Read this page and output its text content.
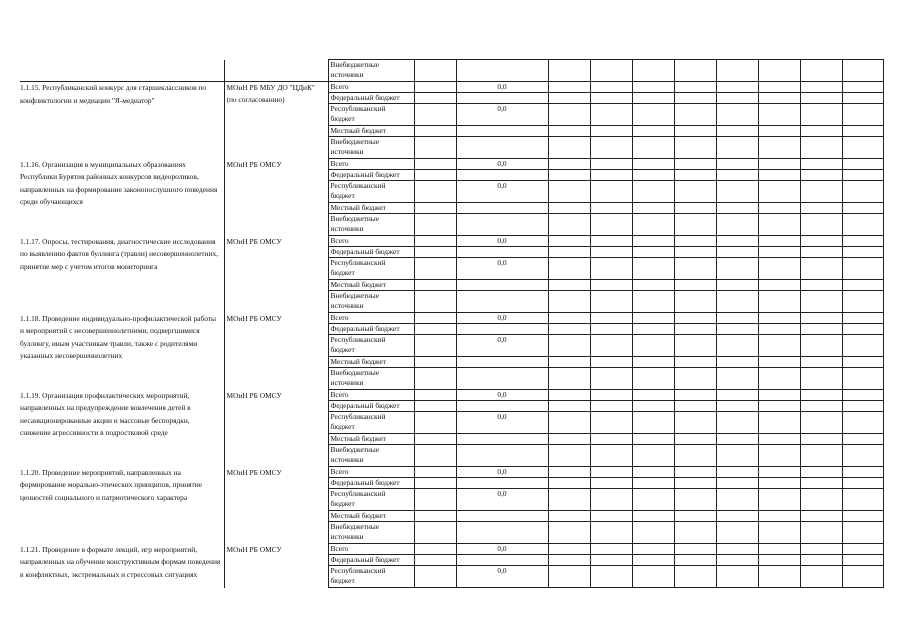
		Внебюджетные источники											
1.1.15. Республиканский конкурс для старшеклассников по конфликтологии и медиации "Я-медиатор"	МОиН РБ МБУ ДО "ЦДиК" (по согласованию)	Всего		0,0									
		Федеральный бюджет											
		Республиканский бюджет		0,0									
		Местный бюджет											
		Внебюджетные источники											
1.1.16. Организация в муниципальных образованиях Республики Бурятия районных конкурсов видеороликов, направленных на формирование законопослушного поведения среди обучающихся	МОиН РБ ОМСУ	Всего		0,0									
		Федеральный бюджет											
		Республиканский бюджет		0,0									
		Местный бюджет											
		Внебюджетные источники											
1.1.17. Опросы, тестирования, диагностические исследования по выявлению фактов буллинга (травли) несовершеннолетних, принятие мер с учетом итогов мониторинга	МОиН РБ ОМСУ	Всего		0,0									
		Федеральный бюджет											
		Республиканский бюджет		0,0									
		Местный бюджет											
		Внебюджетные источники											
1.1.18. Проведение индивидуально-профилактической работы и мероприятий с несовершеннолетними, подвергшимися буллингу, иным участникам травли, также с родителями указанных несовершеннолетних	МОиН РБ ОМСУ	Всего		0,0									
		Федеральный бюджет											
		Республиканский бюджет		0,0									
		Местный бюджет											
		Внебюджетные источники											
1.1.19. Организация профилактических мероприятий, направленных на предупреждение вовлечения детей в несанкционированные акции и массовые беспорядки, снижение агрессивности в подростковой среде	МОиН РБ ОМСУ	Всего		0,0									
		Федеральный бюджет											
		Республиканский бюджет		0,0									
		Местный бюджет											
		Внебюджетные источники											
1.1.20. Проведение мероприятий, направленных на формирование морально-этических принципов, принятие ценностей социального и патриотического характера	МОиН РБ ОМСУ	Всего		0,0									
		Федеральный бюджет											
		Республиканский бюджет		0,0									
		Местный бюджет											
		Внебюджетные источники											
1.1.21. Проведение в формате лекций, игр мероприятий, направленных на обучение конструктивным формам поведения в конфликтных, экстремальных и стрессовых ситуациях	МОиН РБ ОМСУ	Всего		0,0									
		Федеральный бюджет											
		Республиканский бюджет		0,0									
